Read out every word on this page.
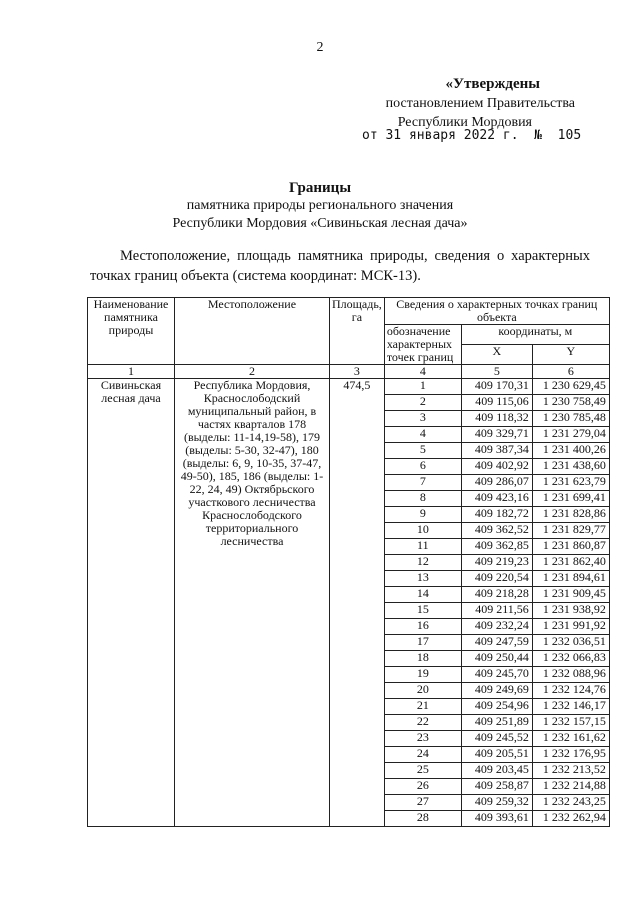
2
«Утверждены
постановлением Правительства
Республики Мордовия
от 31 января 2022 г.  №  105
Границы
памятника природы регионального значения
Республики Мордовия «Сивиньская лесная дача»
Местоположение, площадь памятника природы, сведения о характерных точках границ объекта (система координат: МСК-13).
Наименование памятника природы	Местоположение	Площадь, га	Сведения о характерных точках границ объекта		
			обозначение характерных точек границ	координаты, м	
				X	Y
1	2	3	4	5	6
Сивиньская лесная дача	Республика Мордовия, Краснослободский муниципальный район, в частях кварталов 178 (выделы: 11-14,19-58), 179 (выделы: 5-30, 32-47), 180 (выделы: 6, 9, 10-35, 37-47, 49-50), 185, 186 (выделы: 1-22, 24, 49) Октябрьского участкового лесничества Краснослободского территориального лесничества	474,5	1	409 170,31	1 230 629,45
			2	409 115,06	1 230 758,49
			3	409 118,32	1 230 785,48
			4	409 329,71	1 231 279,04
			5	409 387,34	1 231 400,26
			6	409 402,92	1 231 438,60
			7	409 286,07	1 231 623,79
			8	409 423,16	1 231 699,41
			9	409 182,72	1 231 828,86
			10	409 362,52	1 231 829,77
			11	409 362,85	1 231 860,87
			12	409 219,23	1 231 862,40
			13	409 220,54	1 231 894,61
			14	409 218,28	1 231 909,45
			15	409 211,56	1 231 938,92
			16	409 232,24	1 231 991,92
			17	409 247,59	1 232 036,51
			18	409 250,44	1 232 066,83
			19	409 245,70	1 232 088,96
			20	409 249,69	1 232 124,76
			21	409 254,96	1 232 146,17
			22	409 251,89	1 232 157,15
			23	409 245,52	1 232 161,62
			24	409 205,51	1 232 176,95
			25	409 203,45	1 232 213,52
			26	409 258,87	1 232 214,88
			27	409 259,32	1 232 243,25
			28	409 393,61	1 232 262,94
